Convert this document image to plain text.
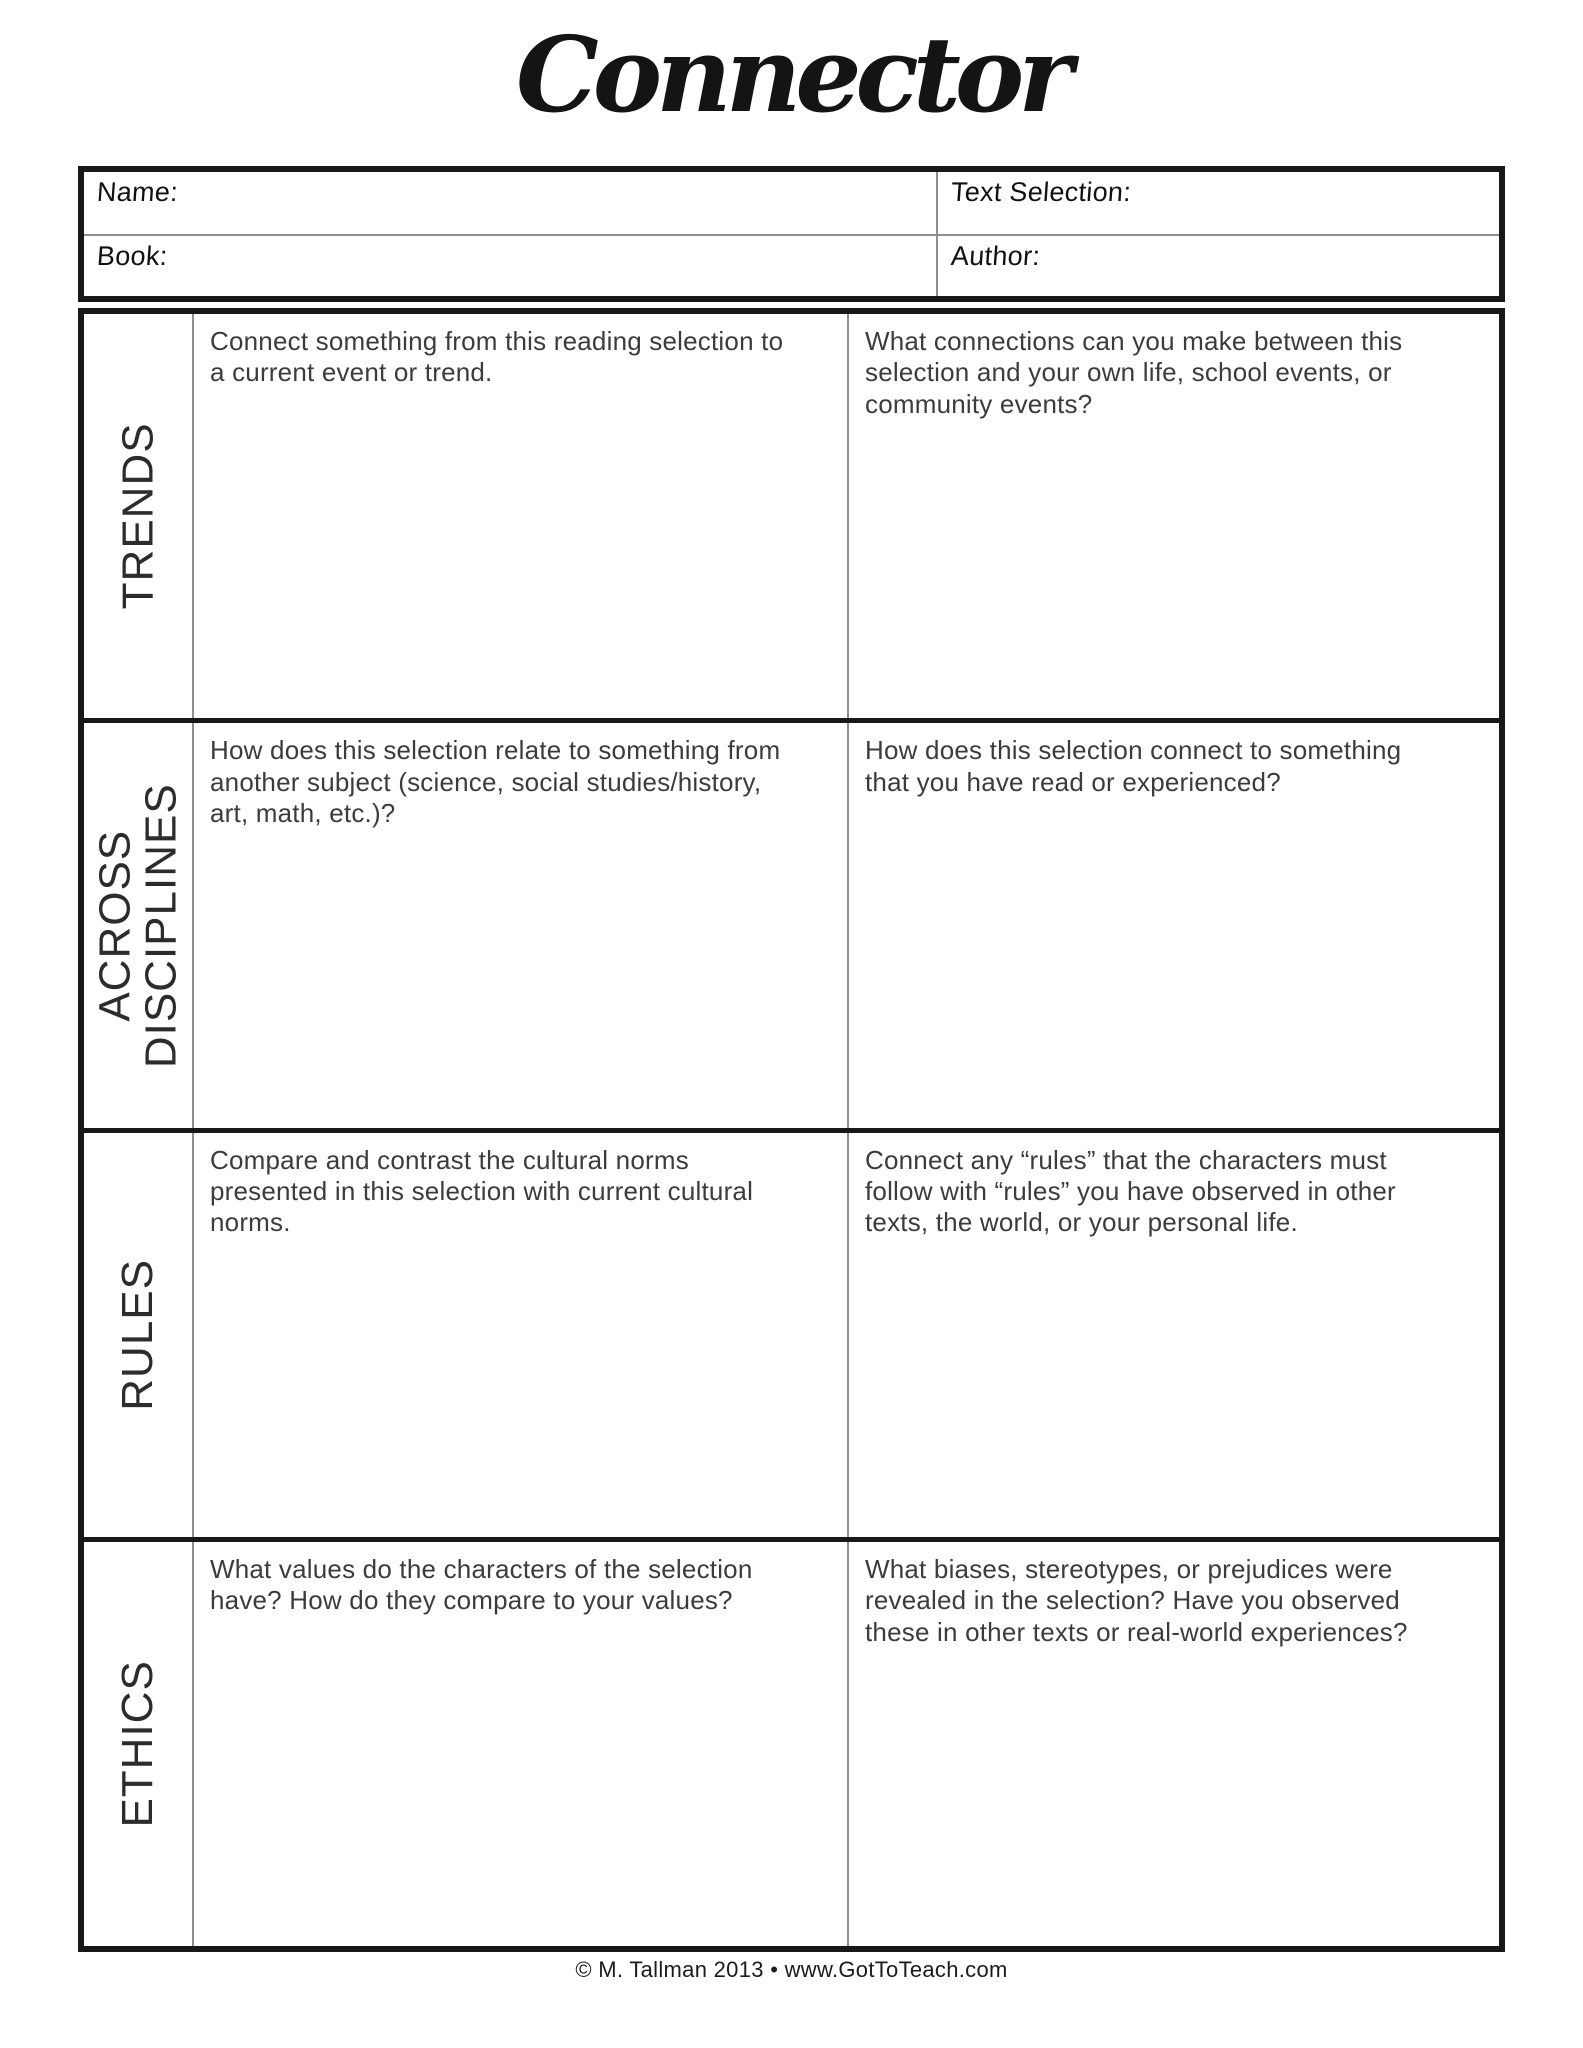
Connector
Name:	Text Selection:
Book:	Author:
TRENDS

Connect something from this reading selection to a current event or trend.

What connections can you make between this selection and your own life, school events, or community events?

ACROSS DISCIPLINES

How does this selection relate to something from another subject (science, social studies/history, art, math, etc.)?

How does this selection connect to something that you have read or experienced?

RULES

Compare and contrast the cultural norms presented in this selection with current cultural norms.

Connect any “rules” that the characters must follow with “rules” you have observed in other texts, the world, or your personal life.

ETHICS

What values do the characters of the selection have? How do they compare to your values?

What biases, stereotypes, or prejudices were revealed in the selection? Have you observed these in other texts or real-world experiences?

© M. Tallman 2013 • www.GotToTeach.com
